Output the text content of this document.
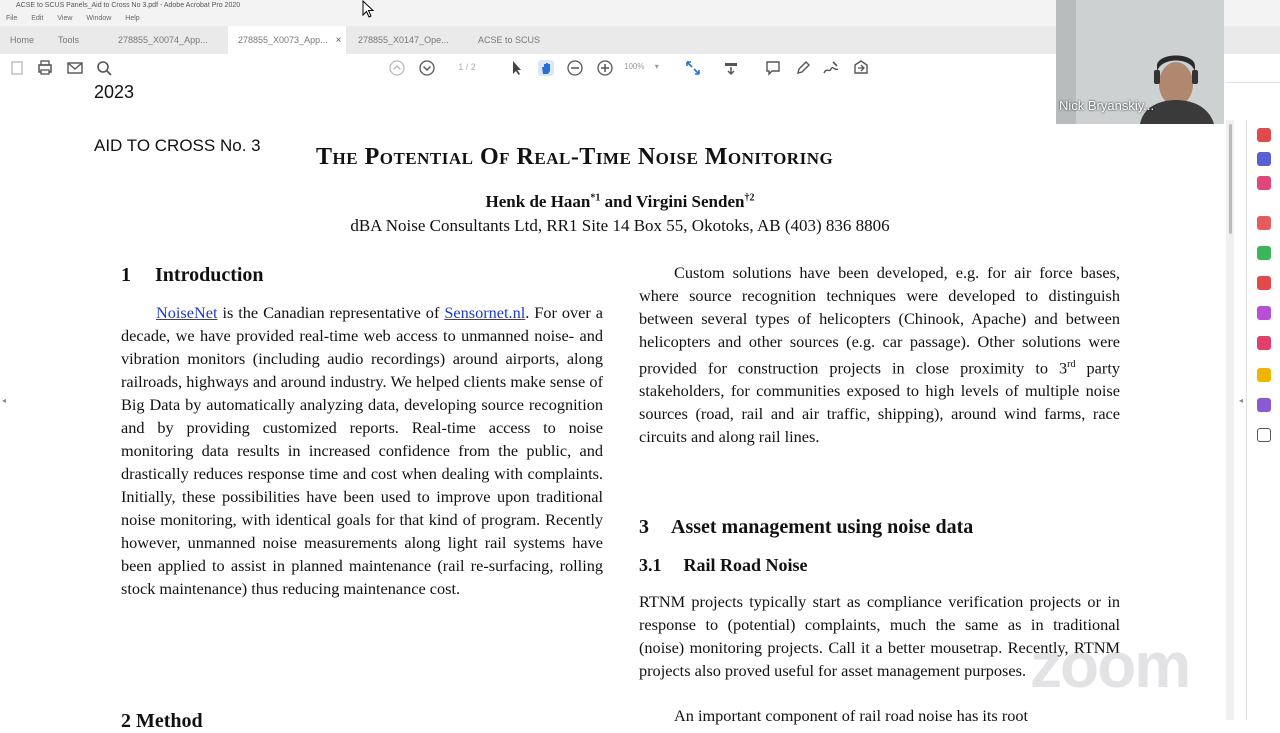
ACSE to SCUS Panels_Aid to Cross No 3.pdf - Adobe Acrobat Pro 2020
File Edit View Window Help
Home	Tools	278855_X0074_App...	278855_X0073_App... ×	278855_X0147_Ope...	ACSE to SCUS
1 / 2	100% ▾
2023
AID TO CROSS No. 3 The Potential Of Real-Time Noise Monitoring
Henk de Haan$^{*1}$ and Virgini Senden$^{\dagger 2}$
dBA Noise Consultants Ltd, RR1 Site 14 Box 55, Okotoks, AB (403) 836 8806
1 Introduction

NoiseNet is the Canadian representative of Sensornet.nl. For over a decade, we have provided real-time web access to unmanned noise- and vibration monitors (including audio recordings) around airports, along railroads, highways and around industry. We helped clients make sense of Big Data by automatically analyzing data, developing source recognition and by providing customized reports. Real-time access to noise monitoring data results in increased confidence from the public, and drastically reduces response time and cost when dealing with complaints. Initially, these possibilities have been used to improve upon traditional noise monitoring, with identical goals for that kind of program. Recently however, unmanned noise measurements along light rail systems have been applied to assist in planned maintenance (rail re-surfacing, rolling stock maintenance) thus reducing maintenance cost.

2 Method

Custom solutions have been developed, e.g. for air force bases, where source recognition techniques were developed to distinguish between several types of helicopters (Chinook, Apache) and between helicopters and other sources (e.g. car passage). Other solutions were provided for construction projects in close proximity to 3rd party stakeholders, for communities exposed to high levels of multiple noise sources (road, rail and air traffic, shipping), around wind farms, race circuits and along rail lines.

3 Asset management using noise data
3.1 Rail Road Noise

RTNM projects typically start as compliance verification projects or in response to (potential) complaints, much the same as in traditional (noise) monitoring projects. Call it a better mousetrap. Recently, RTNM projects also proved useful for asset management purposes.

An important component of rail road noise has its root

◂	◂
Nick Bryanskiy...
zoom
